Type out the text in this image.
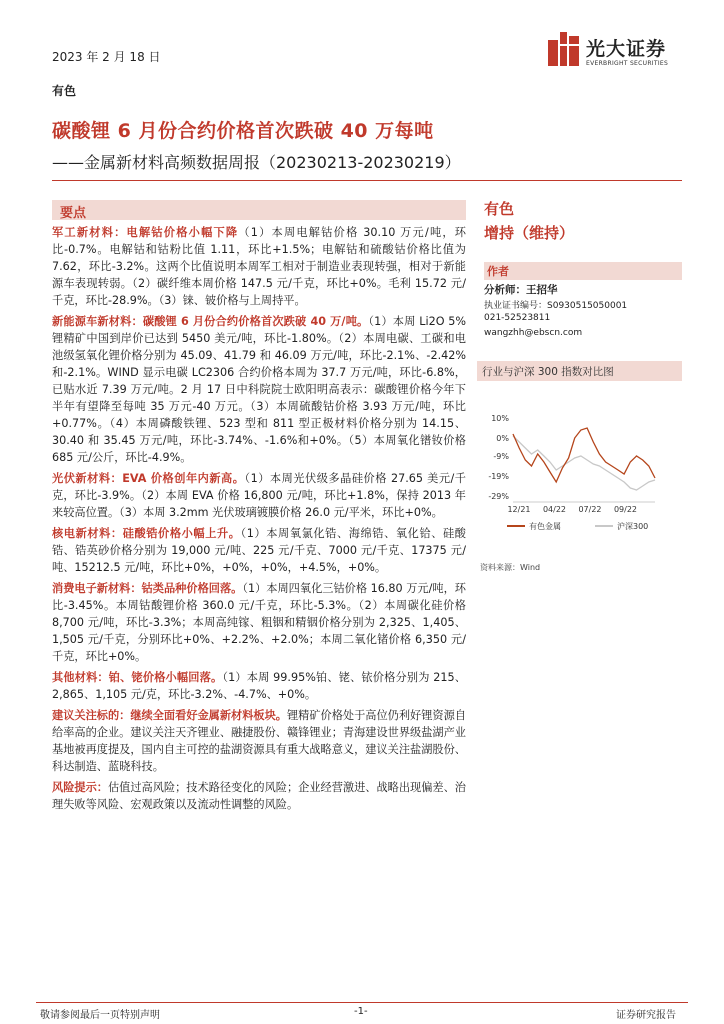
2023 年 2 月 18 日	光大证券
EVERBRIGHT SECURITIES
有色
碳酸锂 6 月份合约价格首次跌破 40 万每吨
——金属新材料高频数据周报（20230213-20230219）
要点

军工新材料：电解钴价格小幅下降（1）本周电解钴价格 30.10 万元/吨，环比-0.7%。电解钴和钴粉比值 1.11，环比+1.5%；电解钴和硫酸钴价格比值为 7.62，环比-3.2%。这两个比值说明本周军工相对于制造业表现转强，相对于新能源车表现转弱。（2）碳纤维本周价格 147.5 元/千克，环比+0%。毛利 15.72 元/千克，环比-28.9%。（3）铼、铍价格与上周持平。

新能源车新材料：碳酸锂 6 月份合约价格首次跌破 40 万/吨。（1）本周 Li2O 5%锂精矿中国到岸价已达到 5450 美元/吨，环比-1.80%。（2）本周电碳、工碳和电池级氢氧化锂价格分别为 45.09、41.79 和 46.09 万元/吨，环比-2.1%、-2.42%和-2.1%。WIND 显示电碳 LC2306 合约价格本周为 37.7 万元/吨，环比-6.8%，已贴水近 7.39 万元/吨。2 月 17 日中科院院士欧阳明高表示：碳酸锂价格今年下半年有望降至每吨 35 万元-40 万元。（3）本周硫酸钴价格 3.93 万元/吨，环比+0.77%。（4）本周磷酸铁锂、523 型和 811 型正极材料价格分别为 14.15、30.40 和 35.45 万元/吨，环比-3.74%、-1.6%和+0%。（5）本周氧化镨钕价格 685 元/公斤，环比-4.9%。

光伏新材料：EVA 价格创年内新高。（1）本周光伏级多晶硅价格 27.65 美元/千克，环比-3.9%。（2）本周 EVA 价格 16,800 元/吨，环比+1.8%，保持 2013 年来较高位置。（3）本周 3.2mm 光伏玻璃镀膜价格 26.0 元/平米，环比+0%。

核电新材料：硅酸锆价格小幅上升。（1）本周氧氯化锆、海绵锆、氧化铪、硅酸锆、锆英砂价格分别为 19,000 元/吨、225 元/千克、7000 元/千克、17375 元/吨、15212.5 元/吨，环比+0%，+0%，+0%，+4.5%，+0%。

消费电子新材料：钴类品种价格回落。（1）本周四氧化三钴价格 16.80 万元/吨，环比-3.45%。本周钴酸锂价格 360.0 元/千克，环比-5.3%。（2）本周碳化硅价格 8,700 元/吨，环比-3.3%；本周高纯镓、粗铟和精铟价格分别为 2,325、1,405、1,505 元/千克，分别环比+0%、+2.2%、+2.0%；本周二氧化锗价格 6,350 元/千克，环比+0%。

其他材料：铂、铑价格小幅回落。（1）本周 99.95%铂、铑、铱价格分别为 215、2,865、1,105 元/克，环比-3.2%、-4.7%、+0%。

建议关注标的：继续全面看好金属新材料板块。锂精矿价格处于高位仍利好锂资源自给率高的企业。建议关注天齐锂业、融捷股份、赣锋锂业；青海建设世界级盐湖产业基地被再度提及，国内自主可控的盐湖资源具有重大战略意义，建议关注盐湖股份、科达制造、蓝晓科技。

风险提示：估值过高风险；技术路径变化的风险；企业经营激进、战略出现偏差、治理失败等风险、宏观政策以及流动性调整的风险。

有色
增持（维持）
作者
分析师：王招华
执业证书编号：S0930515050001
021-52523811
wangzhh@ebscn.com
行业与沪深 300 指数对比图
10%
0%
-9%
-19%
-29%
12/21 04/22 07/22 09/22
有色金属	沪深300
资料来源：Wind
敬请参阅最后一页特别声明	-1-	证券研究报告
